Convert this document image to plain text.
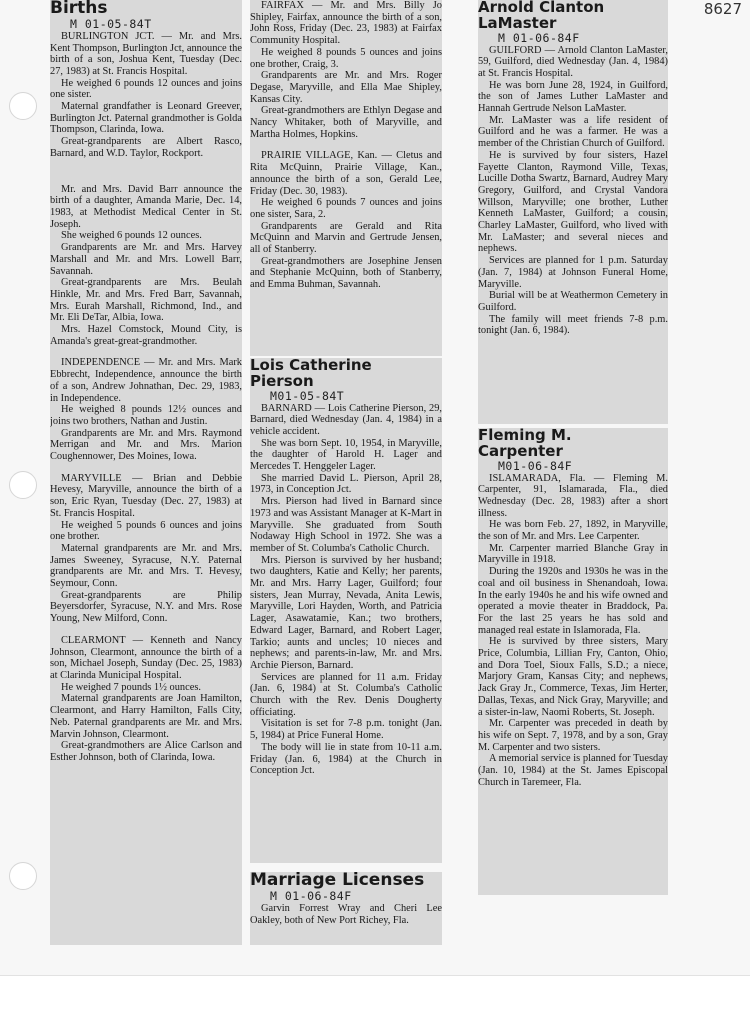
8627
Births
M 01-05-84T

BURLINGTON JCT. — Mr. and Mrs. Kent Thompson, Burlington Jct, announce the birth of a son, Joshua Kent, Tuesday (Dec. 27, 1983) at St. Francis Hospital.

He weighed 6 pounds 12 ounces and joins one sister.

Maternal grandfather is Leonard Greever, Burlington Jct. Paternal grandmother is Golda Thompson, Clarinda, Iowa.

Great-grandparents are Albert Rasco, Barnard, and W.D. Taylor, Rockport.

Mr. and Mrs. David Barr announce the birth of a daughter, Amanda Marie, Dec. 14, 1983, at Methodist Medical Center in St. Joseph.

She weighed 6 pounds 12 ounces.

Grandparents are Mr. and Mrs. Harvey Marshall and Mr. and Mrs. Lowell Barr, Savannah.

Great-grandparents are Mrs. Beulah Hinkle, Mr. and Mrs. Fred Barr, Savannah, Mrs. Eurah Marshall, Richmond, Ind., and Mr. Eli DeTar, Albia, Iowa.

Mrs. Hazel Comstock, Mound City, is Amanda's great-great-grandmother.

INDEPENDENCE — Mr. and Mrs. Mark Ebbrecht, Independence, announce the birth of a son, Andrew Johnathan, Dec. 29, 1983, in Independence.

He weighed 8 pounds 12½ ounces and joins two brothers, Nathan and Justin.

Grandparents are Mr. and Mrs. Raymond Merrigan and Mr. and Mrs. Marion Coughennower, Des Moines, Iowa.

MARYVILLE — Brian and Debbie Hevesy, Maryville, announce the birth of a son, Eric Ryan, Tuesday (Dec. 27, 1983) at St. Francis Hospital.

He weighed 5 pounds 6 ounces and joins one brother.

Maternal grandparents are Mr. and Mrs. James Sweeney, Syracuse, N.Y. Paternal grandparents are Mr. and Mrs. T. Hevesy, Seymour, Conn.

Great-grandparents are Philip Beyersdorfer, Syracuse, N.Y. and Mrs. Rose Young, New Milford, Conn.

CLEARMONT — Kenneth and Nancy Johnson, Clearmont, announce the birth of a son, Michael Joseph, Sunday (Dec. 25, 1983) at Clarinda Municipal Hospital.

He weighed 7 pounds 1½ ounces.

Maternal grandparents are Joan Hamilton, Clearmont, and Harry Hamilton, Falls City, Neb. Paternal grandparents are Mr. and Mrs. Marvin Johnson, Clearmont.

Great-grandmothers are Alice Carlson and Esther Johnson, both of Clarinda, Iowa.

FAIRFAX — Mr. and Mrs. Billy Jo Shipley, Fairfax, announce the birth of a son, John Ross, Friday (Dec. 23, 1983) at Fairfax Community Hospital.

He weighed 8 pounds 5 ounces and joins one brother, Craig, 3.

Grandparents are Mr. and Mrs. Roger Degase, Maryville, and Ella Mae Shipley, Kansas City.

Great-grandmothers are Ethlyn Degase and Nancy Whitaker, both of Maryville, and Martha Holmes, Hopkins.

PRAIRIE VILLAGE, Kan. — Cletus and Rita McQuinn, Prairie Village, Kan., announce the birth of a son, Gerald Lee, Friday (Dec. 30, 1983).

He weighed 6 pounds 7 ounces and joins one sister, Sara, 2.

Grandparents are Gerald and Rita McQuinn and Marvin and Gertrude Jensen, all of Stanberry.

Great-grandmothers are Josephine Jensen and Stephanie McQuinn, both of Stanberry, and Emma Buhman, Savannah.

Lois Catherine
Pierson
M01-05-84T

BARNARD — Lois Catherine Pierson, 29, Barnard, died Wednesday (Jan. 4, 1984) in a vehicle accident.

She was born Sept. 10, 1954, in Maryville, the daughter of Harold H. Lager and Mercedes T. Henggeler Lager.

She married David L. Pierson, April 28, 1973, in Conception Jct.

Mrs. Pierson had lived in Barnard since 1973 and was Assistant Manager at K-Mart in Maryville. She graduated from South Nodaway High School in 1972. She was a member of St. Columba's Catholic Church.

Mrs. Pierson is survived by her husband; two daughters, Katie and Kelly; her parents, Mr. and Mrs. Harry Lager, Guilford; four sisters, Jean Murray, Nevada, Anita Lewis, Maryville, Lori Hayden, Worth, and Patricia Lager, Asawatamie, Kan.; two brothers, Edward Lager, Barnard, and Robert Lager, Tarkio; aunts and uncles; 10 nieces and nephews; and parents-in-law, Mr. and Mrs. Archie Pierson, Barnard.

Services are planned for 11 a.m. Friday (Jan. 6, 1984) at St. Columba's Catholic Church with the Rev. Denis Dougherty officiating.

Visitation is set for 7-8 p.m. tonight (Jan. 5, 1984) at Price Funeral Home.

The body will lie in state from 10-11 a.m. Friday (Jan. 6, 1984) at the Church in Conception Jct.

Marriage Licenses
M 01-06-84F

Garvin Forrest Wray and Cheri Lee Oakley, both of New Port Richey, Fla.

Arnold Clanton
LaMaster
M 01-06-84F

GUILFORD — Arnold Clanton LaMaster, 59, Guilford, died Wednesday (Jan. 4, 1984) at St. Francis Hospital.

He was born June 28, 1924, in Guilford, the son of James Luther LaMaster and Hannah Gertrude Nelson LaMaster.

Mr. LaMaster was a life resident of Guilford and he was a farmer. He was a member of the Christian Church of Guilford.

He is survived by four sisters, Hazel Fayette Clanton, Raymond Ville, Texas, Lucille Dotha Swartz, Barnard, Audrey Mary Gregory, Guilford, and Crystal Vandora Willson, Maryville; one brother, Luther Kenneth LaMaster, Guilford; a cousin, Charley LaMaster, Guilford, who lived with Mr. LaMaster; and several nieces and nephews.

Services are planned for 1 p.m. Saturday (Jan. 7, 1984) at Johnson Funeral Home, Maryville.

Burial will be at Weathermon Cemetery in Guilford.

The family will meet friends 7-8 p.m. tonight (Jan. 6, 1984).

Fleming M.
Carpenter
M01-06-84F

ISLAMARADA, Fla. — Fleming M. Carpenter, 91, Islamarada, Fla., died Wednesday (Dec. 28, 1983) after a short illness.

He was born Feb. 27, 1892, in Maryville, the son of Mr. and Mrs. Lee Carpenter.

Mr. Carpenter married Blanche Gray in Maryville in 1918.

During the 1920s and 1930s he was in the coal and oil business in Shenandoah, Iowa. In the early 1940s he and his wife owned and operated a movie theater in Braddock, Pa. For the last 25 years he has sold and managed real estate in Islamorada, Fla.

He is survived by three sisters, Mary Price, Columbia, Lillian Fry, Canton, Ohio, and Dora Toel, Sioux Falls, S.D.; a niece, Marjory Gram, Kansas City; and nephews, Jack Gray Jr., Commerce, Texas, Jim Herter, Dallas, Texas, and Nick Gray, Maryville; and a sister-in-law, Naomi Roberts, St. Joseph.

Mr. Carpenter was preceded in death by his wife on Sept. 7, 1978, and by a son, Gray M. Carpenter and two sisters.

A memorial service is planned for Tuesday (Jan. 10, 1984) at the St. James Episcopal Church in Taremeer, Fla.
